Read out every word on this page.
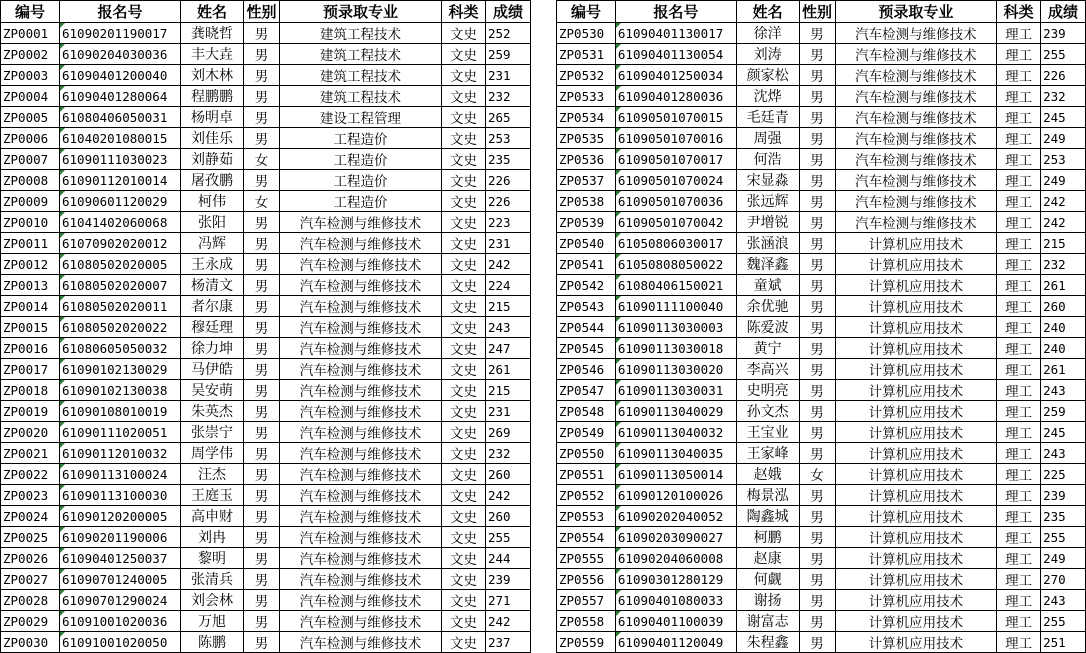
编号	报名号	姓名	性别	预录取专业	科类	成绩
ZP0001	61090201190017	龚晓哲	男	建筑工程技术	文史	252
ZP0002	61090204030036	丰大垚	男	建筑工程技术	文史	259
ZP0003	61090401200040	刘木林	男	建筑工程技术	文史	231
ZP0004	61090401280064	程鹏鹏	男	建筑工程技术	文史	232
ZP0005	61080406050031	杨明卓	男	建设工程管理	文史	265
ZP0006	61040201080015	刘佳乐	男	工程造价	文史	253
ZP0007	61090111030023	刘静茹	女	工程造价	文史	235
ZP0008	61090112010014	屠孜鹏	男	工程造价	文史	226
ZP0009	61090601120029	柯伟	女	工程造价	文史	226
ZP0010	61041402060068	张阳	男	汽车检测与维修技术	文史	223
ZP0011	61070902020012	冯辉	男	汽车检测与维修技术	文史	231
ZP0012	61080502020005	王永成	男	汽车检测与维修技术	文史	242
ZP0013	61080502020007	杨清文	男	汽车检测与维修技术	文史	224
ZP0014	61080502020011	者尔康	男	汽车检测与维修技术	文史	215
ZP0015	61080502020022	穆廷理	男	汽车检测与维修技术	文史	243
ZP0016	61080605050032	徐力坤	男	汽车检测与维修技术	文史	247
ZP0017	61090102130029	马伊皓	男	汽车检测与维修技术	文史	261
ZP0018	61090102130038	吴安萌	男	汽车检测与维修技术	文史	215
ZP0019	61090108010019	朱英杰	男	汽车检测与维修技术	文史	231
ZP0020	61090111020051	张崇宁	男	汽车检测与维修技术	文史	269
ZP0021	61090112010032	周学伟	男	汽车检测与维修技术	文史	232
ZP0022	61090113100024	汪杰	男	汽车检测与维修技术	文史	260
ZP0023	61090113100030	王庭玉	男	汽车检测与维修技术	文史	242
ZP0024	61090120200005	高申财	男	汽车检测与维修技术	文史	260
ZP0025	61090201190006	刘冉	男	汽车检测与维修技术	文史	255
ZP0026	61090401250037	黎明	男	汽车检测与维修技术	文史	244
ZP0027	61090701240005	张清兵	男	汽车检测与维修技术	文史	239
ZP0028	61090701290024	刘会林	男	汽车检测与维修技术	文史	271
ZP0029	61091001020036	万旭	男	汽车检测与维修技术	文史	242
ZP0030	61091001020050	陈鹏	男	汽车检测与维修技术	文史	237
编号	报名号	姓名	性别	预录取专业	科类	成绩
ZP0530	61090401130017	徐洋	男	汽车检测与维修技术	理工	239
ZP0531	61090401130054	刘涛	男	汽车检测与维修技术	理工	255
ZP0532	61090401250034	颜家松	男	汽车检测与维修技术	理工	226
ZP0533	61090401280036	沈烨	男	汽车检测与维修技术	理工	232
ZP0534	61090501070015	毛廷青	男	汽车检测与维修技术	理工	245
ZP0535	61090501070016	周强	男	汽车检测与维修技术	理工	249
ZP0536	61090501070017	何浩	男	汽车检测与维修技术	理工	253
ZP0537	61090501070024	宋显淼	男	汽车检测与维修技术	理工	249
ZP0538	61090501070036	张远辉	男	汽车检测与维修技术	理工	242
ZP0539	61090501070042	尹增锐	男	汽车检测与维修技术	理工	242
ZP0540	61050806030017	张涵浪	男	计算机应用技术	理工	215
ZP0541	61050808050022	魏泽鑫	男	计算机应用技术	理工	232
ZP0542	61080406150021	童斌	男	计算机应用技术	理工	261
ZP0543	61090111100040	余优驰	男	计算机应用技术	理工	260
ZP0544	61090113030003	陈爱波	男	计算机应用技术	理工	240
ZP0545	61090113030018	黄宁	男	计算机应用技术	理工	240
ZP0546	61090113030020	李高兴	男	计算机应用技术	理工	261
ZP0547	61090113030031	史明亮	男	计算机应用技术	理工	243
ZP0548	61090113040029	孙文杰	男	计算机应用技术	理工	259
ZP0549	61090113040032	王宝业	男	计算机应用技术	理工	245
ZP0550	61090113040035	王家峰	男	计算机应用技术	理工	243
ZP0551	61090113050014	赵娥	女	计算机应用技术	理工	225
ZP0552	61090120100026	梅景泓	男	计算机应用技术	理工	239
ZP0553	61090202040052	陶鑫城	男	计算机应用技术	理工	235
ZP0554	61090203090027	柯鹏	男	计算机应用技术	理工	255
ZP0555	61090204060008	赵康	男	计算机应用技术	理工	249
ZP0556	61090301280129	何觑	男	计算机应用技术	理工	270
ZP0557	61090401080033	谢扬	男	计算机应用技术	理工	243
ZP0558	61090401100039	谢富志	男	计算机应用技术	理工	255
ZP0559	61090401120049	朱程鑫	男	计算机应用技术	理工	251
